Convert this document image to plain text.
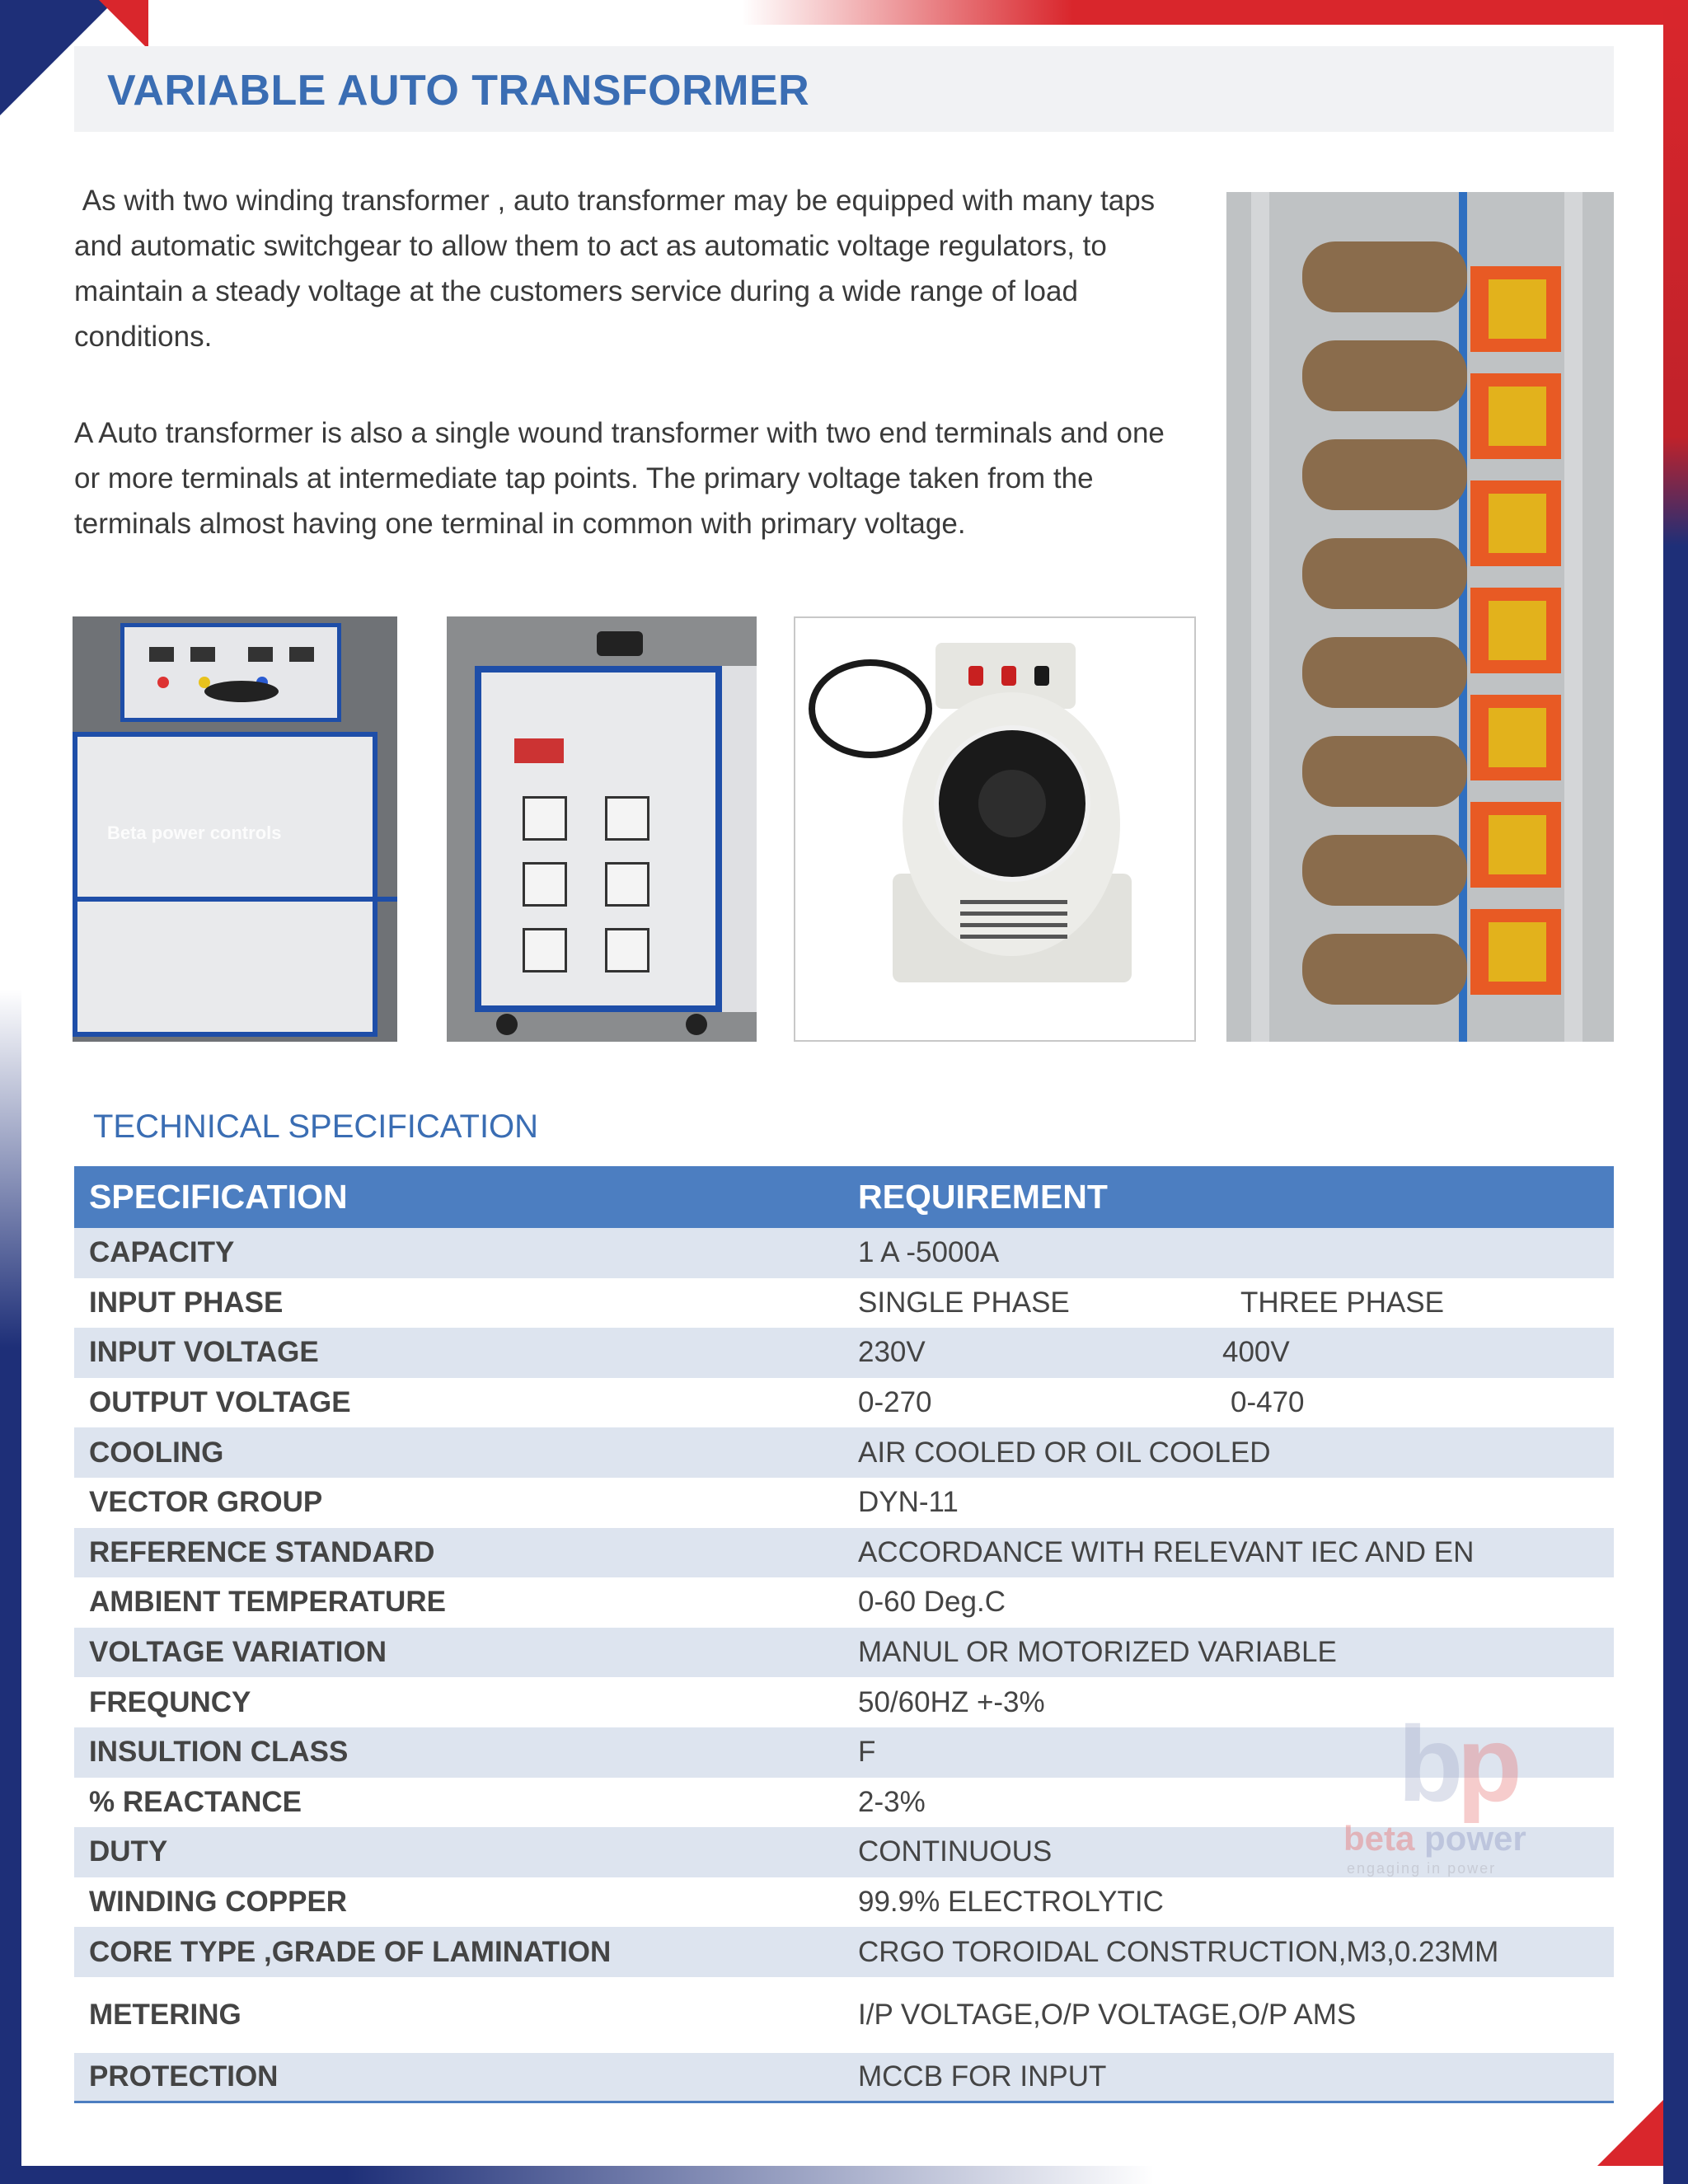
VARIABLE AUTO TRANSFORMER

As with two winding transformer , auto transformer may be equipped with many taps and automatic switchgear to allow them to act as automatic voltage regulators, to maintain a steady voltage at the customers service during a wide range of load conditions.

A Auto transformer is also a single wound transformer with two end terminals and one or more terminals at intermediate tap points. The primary voltage taken from the terminals almost having one terminal in common with primary voltage.

Beta power controls
TECHNICAL SPECIFICATION
SPECIFICATION	REQUIREMENT
CAPACITY	1 A -5000A
INPUT PHASE	SINGLE PHASE	THREE PHASE
INPUT VOLTAGE	230V	400V
OUTPUT VOLTAGE	0-270	0-470
COOLING	AIR COOLED OR OIL COOLED
VECTOR GROUP	DYN-11
REFERENCE STANDARD	ACCORDANCE WITH RELEVANT IEC AND EN
AMBIENT TEMPERATURE	0-60 Deg.C
VOLTAGE VARIATION	MANUL OR MOTORIZED VARIABLE
FREQUNCY	50/60HZ +-3%
INSULTION CLASS	F
% REACTANCE	2-3%
DUTY	CONTINUOUS
WINDING COPPER	99.9% ELECTROLYTIC
CORE TYPE ,GRADE OF LAMINATION	CRGO TOROIDAL CONSTRUCTION,M3,0.23MM
METERING	I/P VOLTAGE,O/P VOLTAGE,O/P AMS
PROTECTION	MCCB FOR INPUT
bp
beta power
engaging in power
